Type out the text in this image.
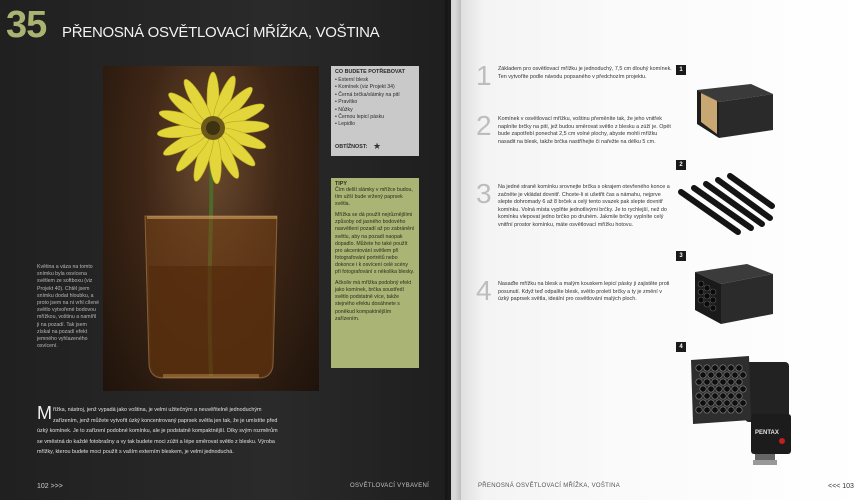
35 PŘENOSNÁ OSVĚTLOVACÍ MŘÍŽKA, VOŠTINA
Květina a váza na tomto snímku byla osvícena světlem ze softboxu (viz Projekt 40). Chtěl jsem snímku dodat hloubku, a proto jsem na ni vrhl cílené světlo vytvořené bodovou mřížkou, voštinu a namířil ji na pozadí. Tak jsem získal na pozadí efekt jemného vyhlazeného osvícení.
CO BUDETE POTŘEBOVAT
• Externí blesk
• Komínek (viz Projekt 34)
• Černá brčka/slámky na pití
• Pravítko
• Nůžky
• Černou lepicí pásku
• Lepidlo
OBTÍŽNOST: ★
TIPY

Čím delší slámky v mřížce budou, tím užší bude vržený paprsek světla.

Mřížka se dá použít nejrůznějšími způsoby od jasného bodového nasvětlení pozadí až po zabránění světlu, aby na pozadí naopak dopadlo. Můžete ho také použít pro akcentování světlem při fotografování portrétů nebo dokonce i k osvícení celé scény při fotografování s několika blesky.

Ačkoliv má mřížka podobný efekt jako komínek, brčka soustředí světlo podstatně více, takže stejného efektu dosáhnete s poněkud kompaktnějším zařízením.

Mřížka, nástroj, jenž vypadá jako voština, je velmi užitečným a neuvěřitelně jednoduchým zařízením, jenž můžete vytvořit úzký koncentrovaný paprsek světla jen tak, že je umístíte před úzký komínek. Je to zařízení podobné komínku, ale je podstatně kompaktnější. Díky svým rozměrům se vměstná do každé fotobrašny a vy tak budete moci zúžit a lépe směrovat světlo z blesku. Výroba mřížky, kterou budete moci použít s vaším externím bleskem, je velmi jednoduchá.
102 >>>	OSVĚTLOVACÍ VYBAVENÍ
1 Základem pro osvětlovací mřížku je jednoduchý, 7,5 cm dlouhý komínek. Ten vytvoříte podle návodu popsaného v předchozím projektu.
2 Komínek v osvětlovací mřížku, voštinu přeměníte tak, že jeho vnitřek naplníte brčky na pití, jež budou směrovat světlo z blesku a zúží je. Opět bude zapotřebí ponechat 2,5 cm volné plochy, abyste mohli mřížku nasadit na blesk, takže brčka nastříhejte či nařežte na délku 5 cm.
3 Na jedné straně komínku srovnejte brčka s okrajem otevřeného konce a začněte je vkládat dovnitř. Chcete-li si ušetřit čas a námahu, nejprve slepte dohromady 6 až 8 brček a celý tento svazek pak slepte dovnitř komínku. Volná místa vyplňte jednotlivými brčky. Je to rychlejší, než do komínku vlepovat jedno brčko po druhém. Jakmile brčky vyplníte celý vnitřní prostor komínku, máte osvětlovací mřížku hotovu.
4 Nasaďte mřížku na blesk a malým kouskem lepicí pásky ji zajistěte proti posunutí. Když teď odpalíte blesk, světlo proletí brčky a ty je změní v úzký paprsek světla, ideální pro osvětlování malých ploch.
1
2
3
4
PENTAX
PŘENOSNÁ OSVĚTLOVACÍ MŘÍŽKA, VOŠTINA	<<< 103
